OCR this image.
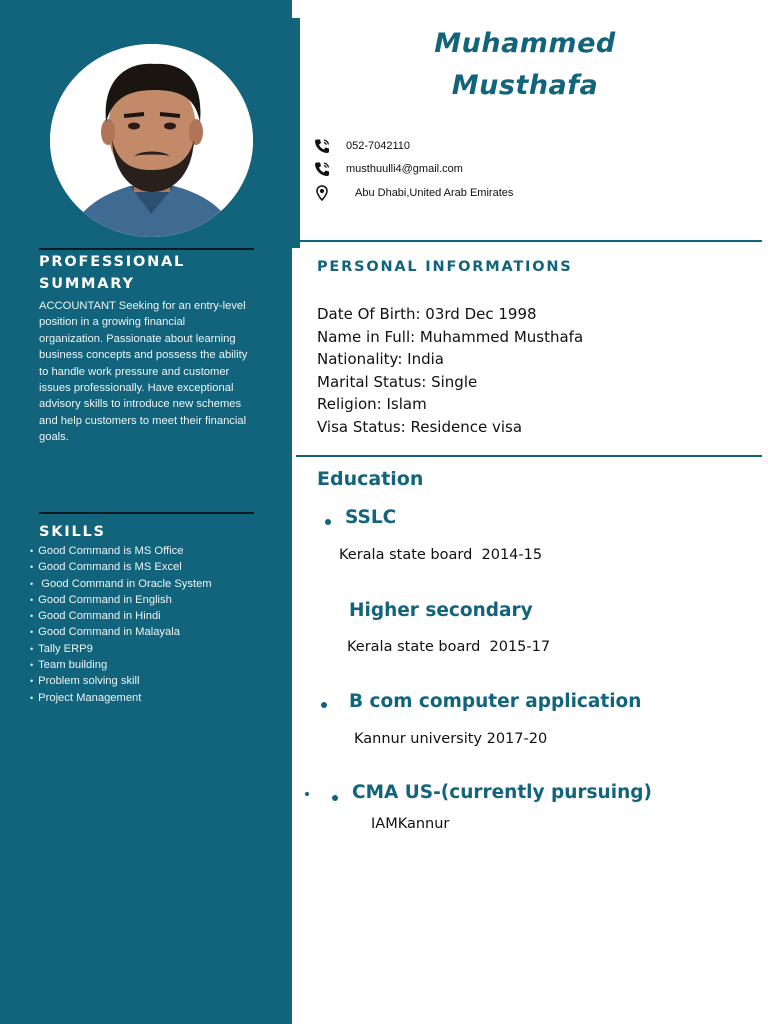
PROFESSIONAL
SUMMARY

ACCOUNTANT Seeking for an entry-level position in a growing financial organization. Passionate about learning business concepts and possess the ability to handle work pressure and customer issues professionally. Have exceptional advisory skills to introduce new schemes and help customers to meet their financial goals.

SKILLS
• Good Command is MS Office
• Good Command is MS Excel
• Good Command in Oracle System
• Good Command in English
• Good Command in Hindi
• Good Command in Malayala
• Tally ERP9
• Team building
• Problem solving skill
• Project Management
Muhammed
Musthafa
052-7042110
musthuulli4@gmail.com
Abu Dhabi,United Arab Emirates
PERSONAL INFORMATIONS
Date Of Birth: 03rd Dec 1998
Name in Full: Muhammed Musthafa
Nationality: India
Marital Status: Single
Religion: Islam
Visa Status: Residence visa
Education
SSLC

Kerala state board  2014-15

Higher secondary

Kerala state board  2015-17

B com computer application

Kannur university 2017-20

CMA US-(currently pursuing)

IAMKannur
